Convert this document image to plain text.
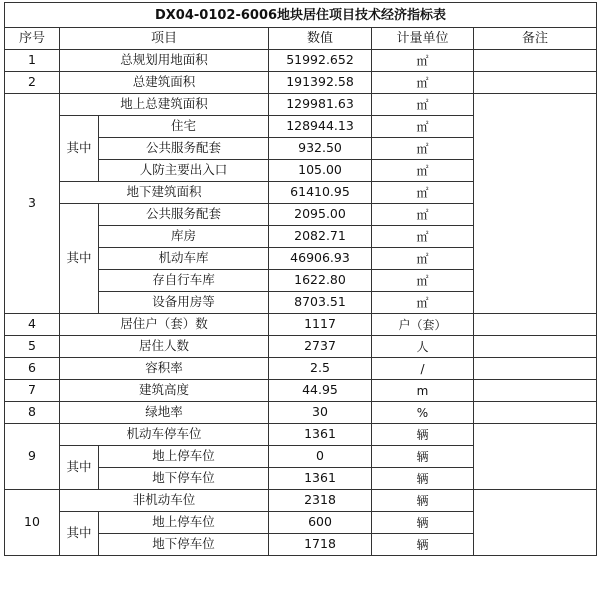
DX04-0102-6006地块居住项目技术经济指标表					
序号	项目		数值	计量单位	备注
1	总规划用地面积		51992.652	㎡	
2	总建筑面积		191392.58	㎡	
3	地上总建筑面积		129981.63	㎡	
	其中	住宅	128944.13	㎡	
		公共服务配套	932.50	㎡	
		人防主要出入口	105.00	㎡	
	地下建筑面积		61410.95	㎡	
	其中	公共服务配套	2095.00	㎡	
		库房	2082.71	㎡	
		机动车库	46906.93	㎡	
		存自行车库	1622.80	㎡	
		设备用房等	8703.51	㎡	
4	居住户（套）数		1117	户（套）	
5	居住人数		2737	人	
6	容积率		2.5	/	
7	建筑高度		44.95	m	
8	绿地率		30	%	
9	机动车停车位		1361	辆	
	其中	地上停车位	0	辆	
		地下停车位	1361	辆	
10	非机动车位		2318	辆	
	其中	地上停车位	600	辆	
		地下停车位	1718	辆	
